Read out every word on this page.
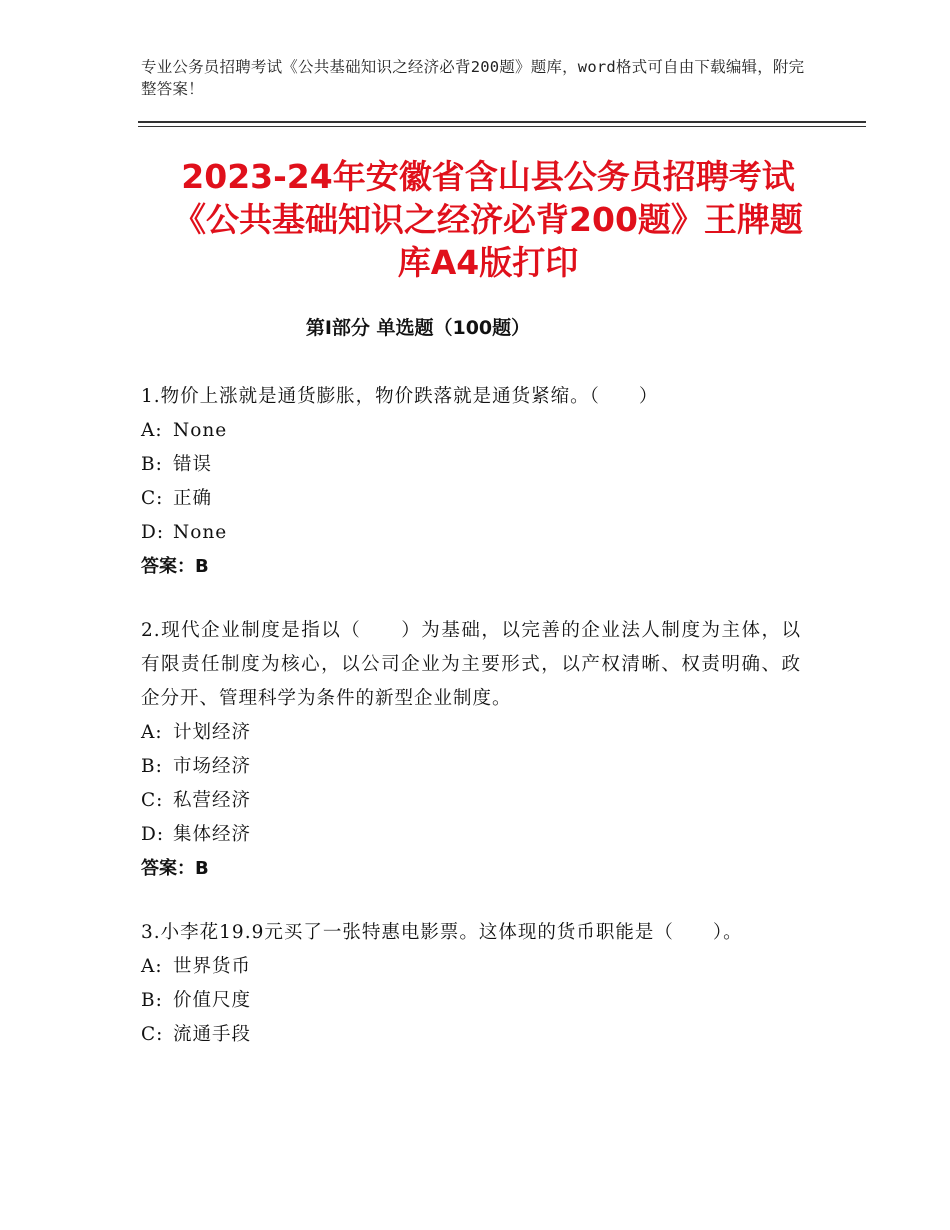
专业公务员招聘考试《公共基础知识之经济必背200题》题库，word格式可自由下载编辑，附完整答案！
2023-24年安徽省含山县公务员招聘考试
《公共基础知识之经济必背200题》王牌题
库A4版打印
第Ⅰ部分 单选题（100题）
1.物价上涨就是通货膨胀，物价跌落就是通货紧缩。（　　）
A: None
B: 错误
C: 正确
D: None
答案：B
2.现代企业制度是指以（　　）为基础，以完善的企业法人制度为主体，以有限责任制度为核心，以公司企业为主要形式，以产权清晰、权责明确、政企分开、管理科学为条件的新型企业制度。
A: 计划经济
B: 市场经济
C: 私营经济
D: 集体经济
答案：B
3.小李花19.9元买了一张特惠电影票。这体现的货币职能是（　　）。
A: 世界货币
B: 价值尺度
C: 流通手段
